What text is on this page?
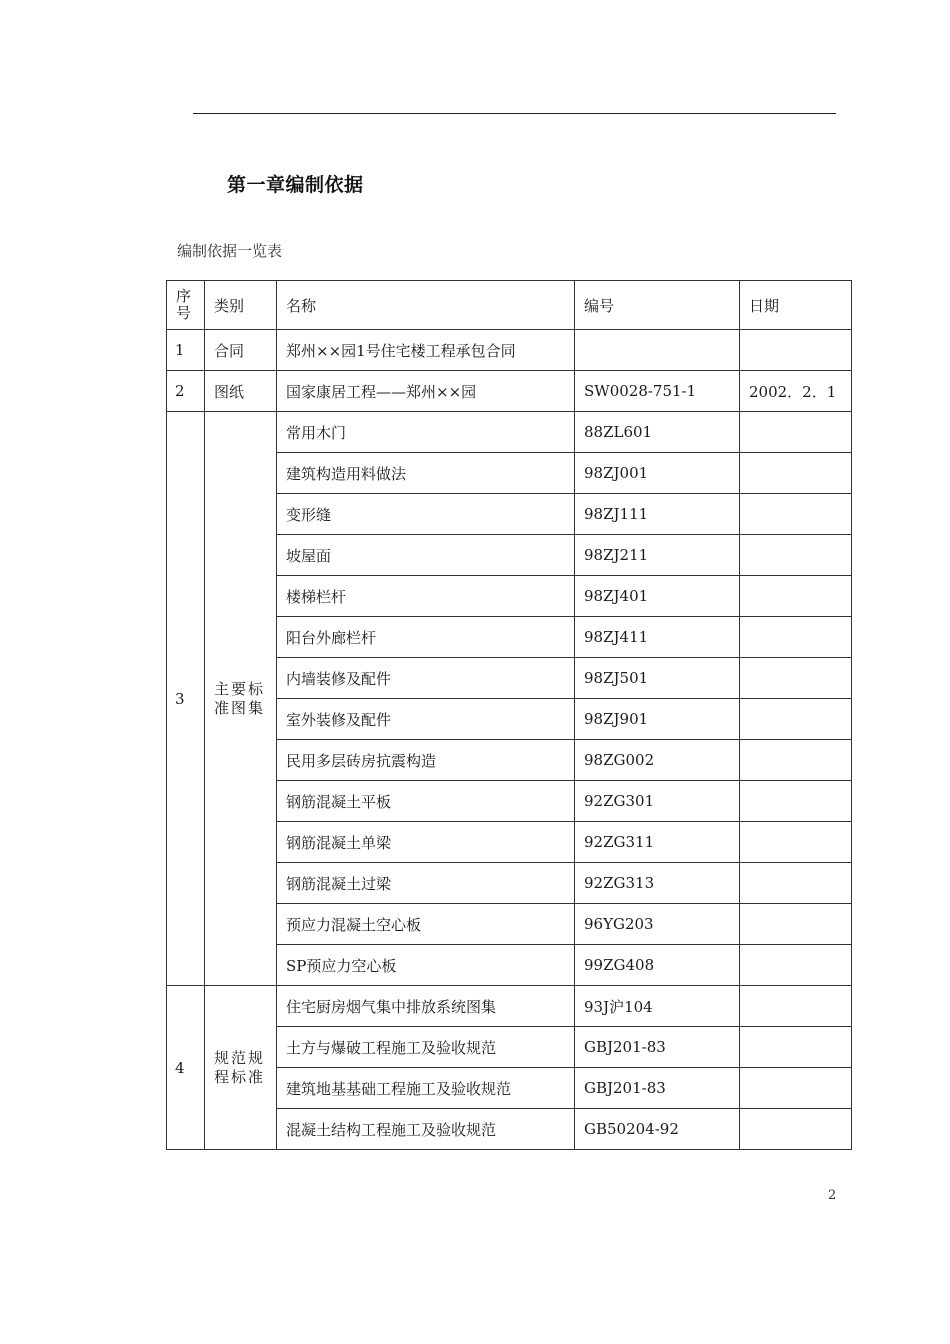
第一章编制依据
编制依据一览表
序号	类别	名称	编号	日期
1	合同	郑州××园1号住宅楼工程承包合同		
2	图纸	国家康居工程——郑州××园	SW0028-751-1	2002．2．1
3	主要标准图集	常用木门	88ZL601	
		建筑构造用料做法	98ZJ001	
		变形缝	98ZJ111	
		坡屋面	98ZJ211	
		楼梯栏杆	98ZJ401	
		阳台外廊栏杆	98ZJ411	
		内墙装修及配件	98ZJ501	
		室外装修及配件	98ZJ901	
		民用多层砖房抗震构造	98ZG002	
		钢筋混凝土平板	92ZG301	
		钢筋混凝土单梁	92ZG311	
		钢筋混凝土过梁	92ZG313	
		预应力混凝土空心板	96YG203	
		SP预应力空心板	99ZG408	
4	规范规程标准	住宅厨房烟气集中排放系统图集	93J沪104	
		土方与爆破工程施工及验收规范	GBJ201-83	
		建筑地基基础工程施工及验收规范	GBJ201-83	
		混凝土结构工程施工及验收规范	GB50204-92	
2
